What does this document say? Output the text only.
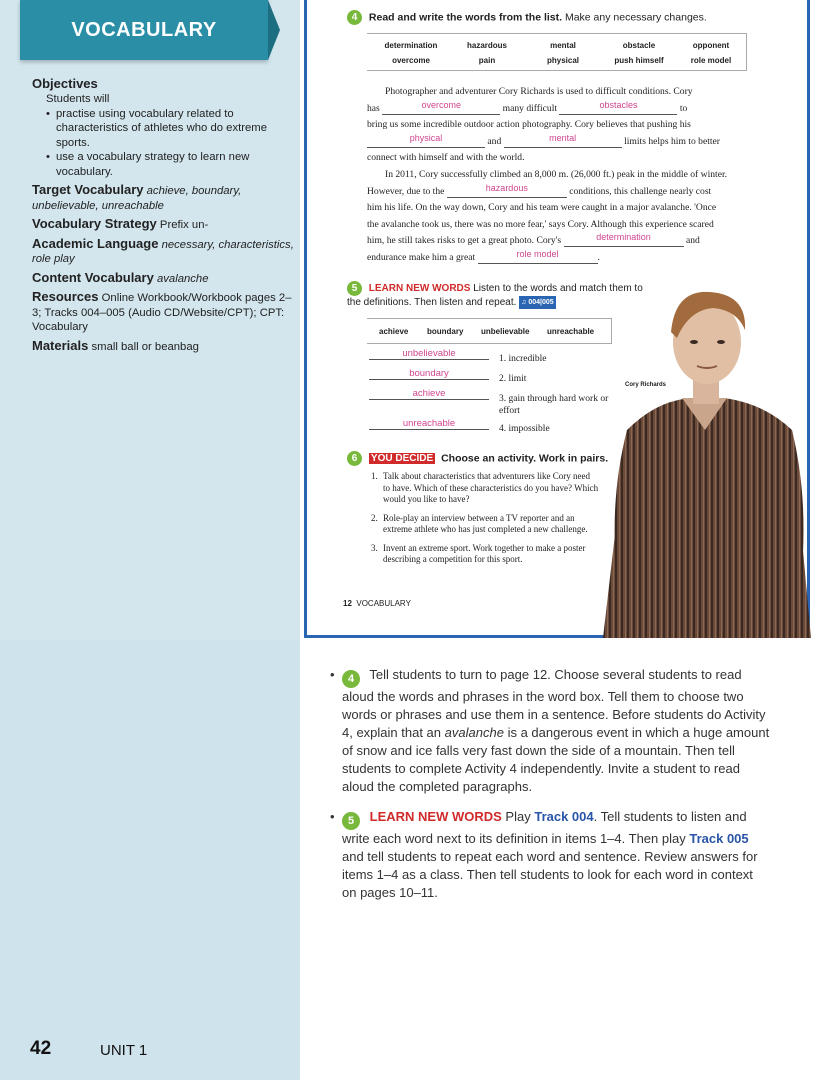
VOCABULARY
Objectives
Students will
• practise using vocabulary related to characteristics of athletes who do extreme sports.
• use a vocabulary strategy to learn new vocabulary.
Target Vocabulary achieve, boundary, unbelievable, unreachable
Vocabulary Strategy Prefix un-
Academic Language necessary, characteristics, role play
Content Vocabulary avalanche
Resources Online Workbook/Workbook pages 2–3; Tracks 004–005 (Audio CD/Website/CPT); CPT: Vocabulary
Materials small ball or beanbag
42	UNIT 1
4 Read and write the words from the list. Make any necessary changes.
determination	hazardous	mental	obstacle	opponent
overcome	pain	physical	push himself	role model
Photographer and adventurer Cory Richards is used to difficult conditions. Cory
has	overcome	many difficult	obstacles	to
bring us some incredible outdoor action photography. Cory believes that pushing his
physical	and	mental	limits helps him to better
connect with himself and with the world.
In 2011, Cory successfully climbed an 8,000 m. (26,000 ft.) peak in the middle of winter.
However, due to the	hazardous	conditions, this challenge nearly cost
him his life. On the way down, Cory and his team were caught in a major avalanche. 'Once
the avalanche took us, there was no more fear,' says Cory. Although this experience scared
him, he still takes risks to get a great photo. Cory's	determination	and
endurance make him a great	role model	.
5 LEARN NEW WORDS Listen to the words and match them to the definitions. Then listen and repeat. ♫ 004|005
achieve boundary unbelievable unreachable
unbelievable	1. incredible
boundary	2. limit
achieve	3. gain through hard work or effort
unreachable	4. impossible
Cory Richards
6 YOU DECIDE Choose an activity. Work in pairs.
1. Talk about characteristics that adventurers like Cory need to have. Which of these characteristics do you have? Which would you like to have?
2. Role-play an interview between a TV reporter and an extreme athlete who has just completed a new challenge.
3. Invent an extreme sport. Work together to make a poster describing a competition for this sport.
12 VOCABULARY
• 4 Tell students to turn to page 12. Choose several students to read aloud the words and phrases in the word box. Tell them to choose two words or phrases and use them in a sentence. Before students do Activity 4, explain that an avalanche is a dangerous event in which a huge amount of snow and ice falls very fast down the side of a mountain. Then tell students to complete Activity 4 independently. Invite a student to read aloud the completed paragraphs.
• 5 LEARN NEW WORDS Play Track 004. Tell students to listen and write each word next to its definition in items 1–4. Then play Track 005 and tell students to repeat each word and sentence. Review answers for items 1–4 as a class. Then tell students to look for each word in context on pages 10–11.
